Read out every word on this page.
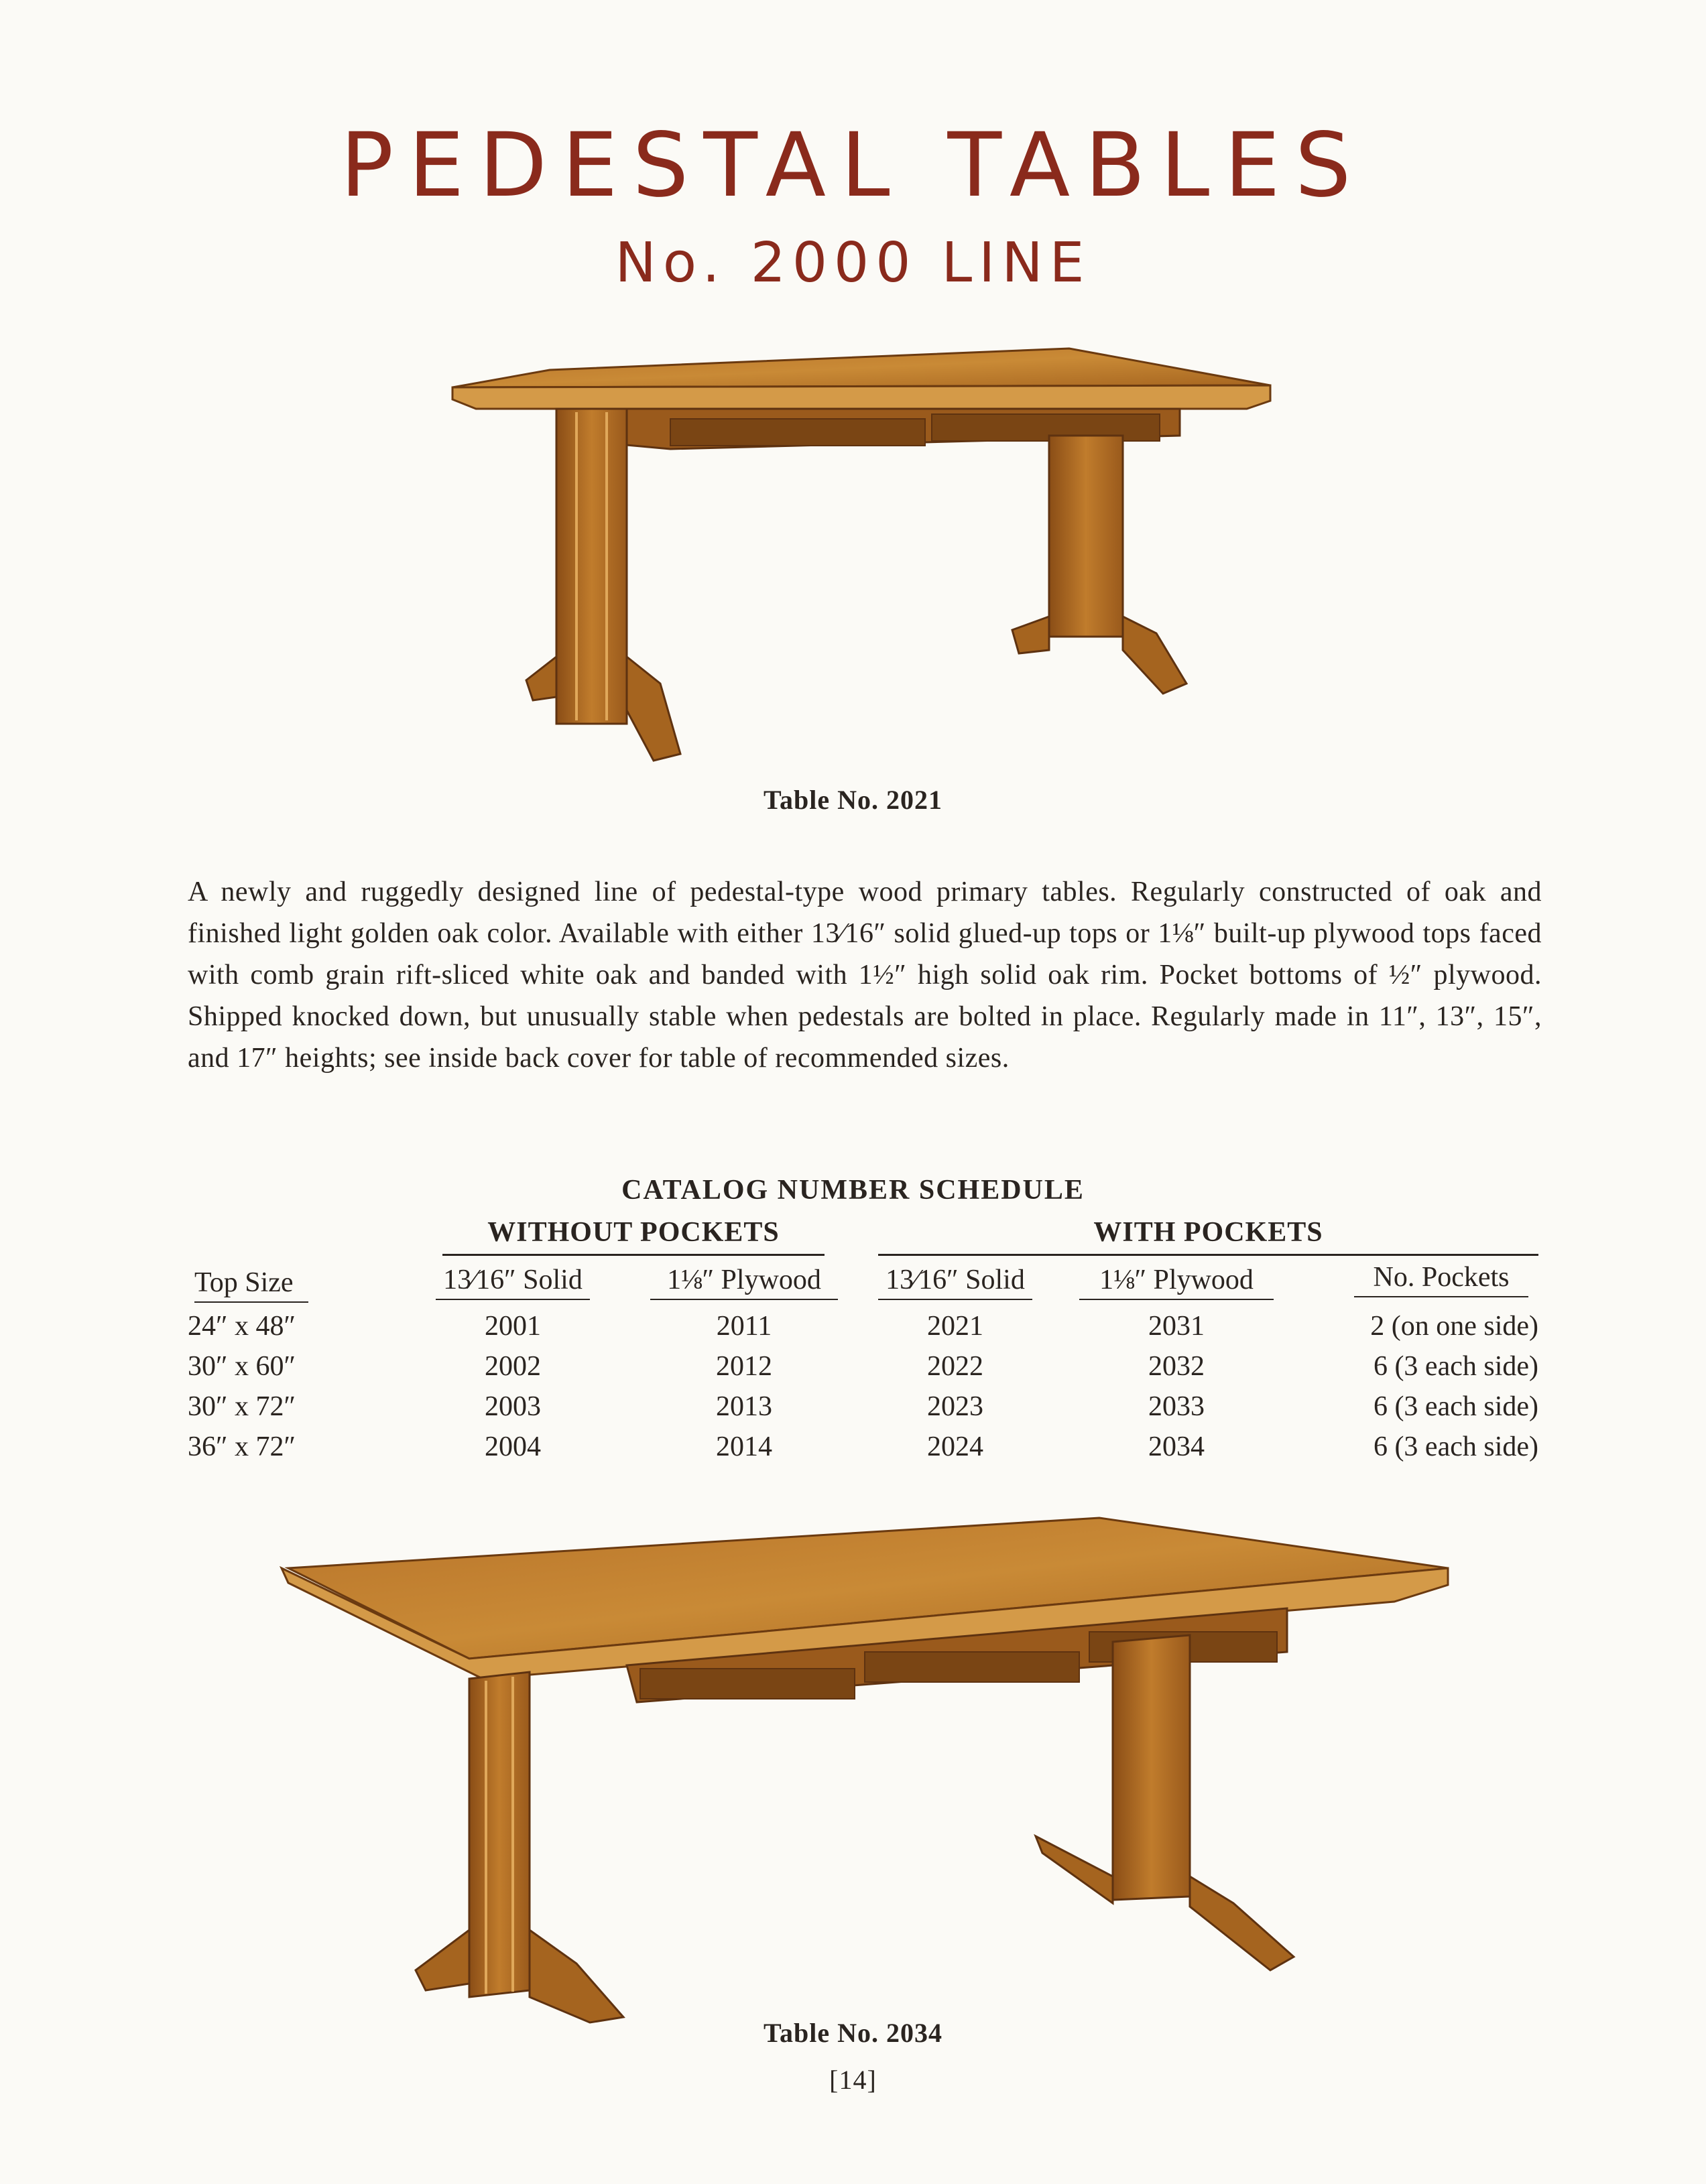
PEDESTAL TABLES
No. 2000 LINE
Table No. 2021

A newly and ruggedly designed line of pedestal-type wood primary tables. Regularly constructed of oak and finished light golden oak color. Available with either 13⁄16″ solid glued-up tops or 1⅛″ built-up plywood tops faced with comb grain rift-sliced white oak and banded with 1½″ high solid oak rim. Pocket bottoms of ½″ plywood. Shipped knocked down, but unusually stable when pedestals are bolted in place. Regularly made in 11″, 13″, 15″, and 17″ heights; see inside back cover for table of recommended sizes.

CATALOG NUMBER SCHEDULE
WITHOUT POCKETS	WITH POCKETS
Top Size	13⁄16″ Solid	1⅛″ Plywood	13⁄16″ Solid	1⅛″ Plywood	No. Pockets
24″ x 48″	2001	2011	2021	2031	2 (on one side)
30″ x 60″	2002	2012	2022	2032	6 (3 each side)
30″ x 72″	2003	2013	2023	2033	6 (3 each side)
36″ x 72″	2004	2014	2024	2034	6 (3 each side)
Table No. 2034
[14]
